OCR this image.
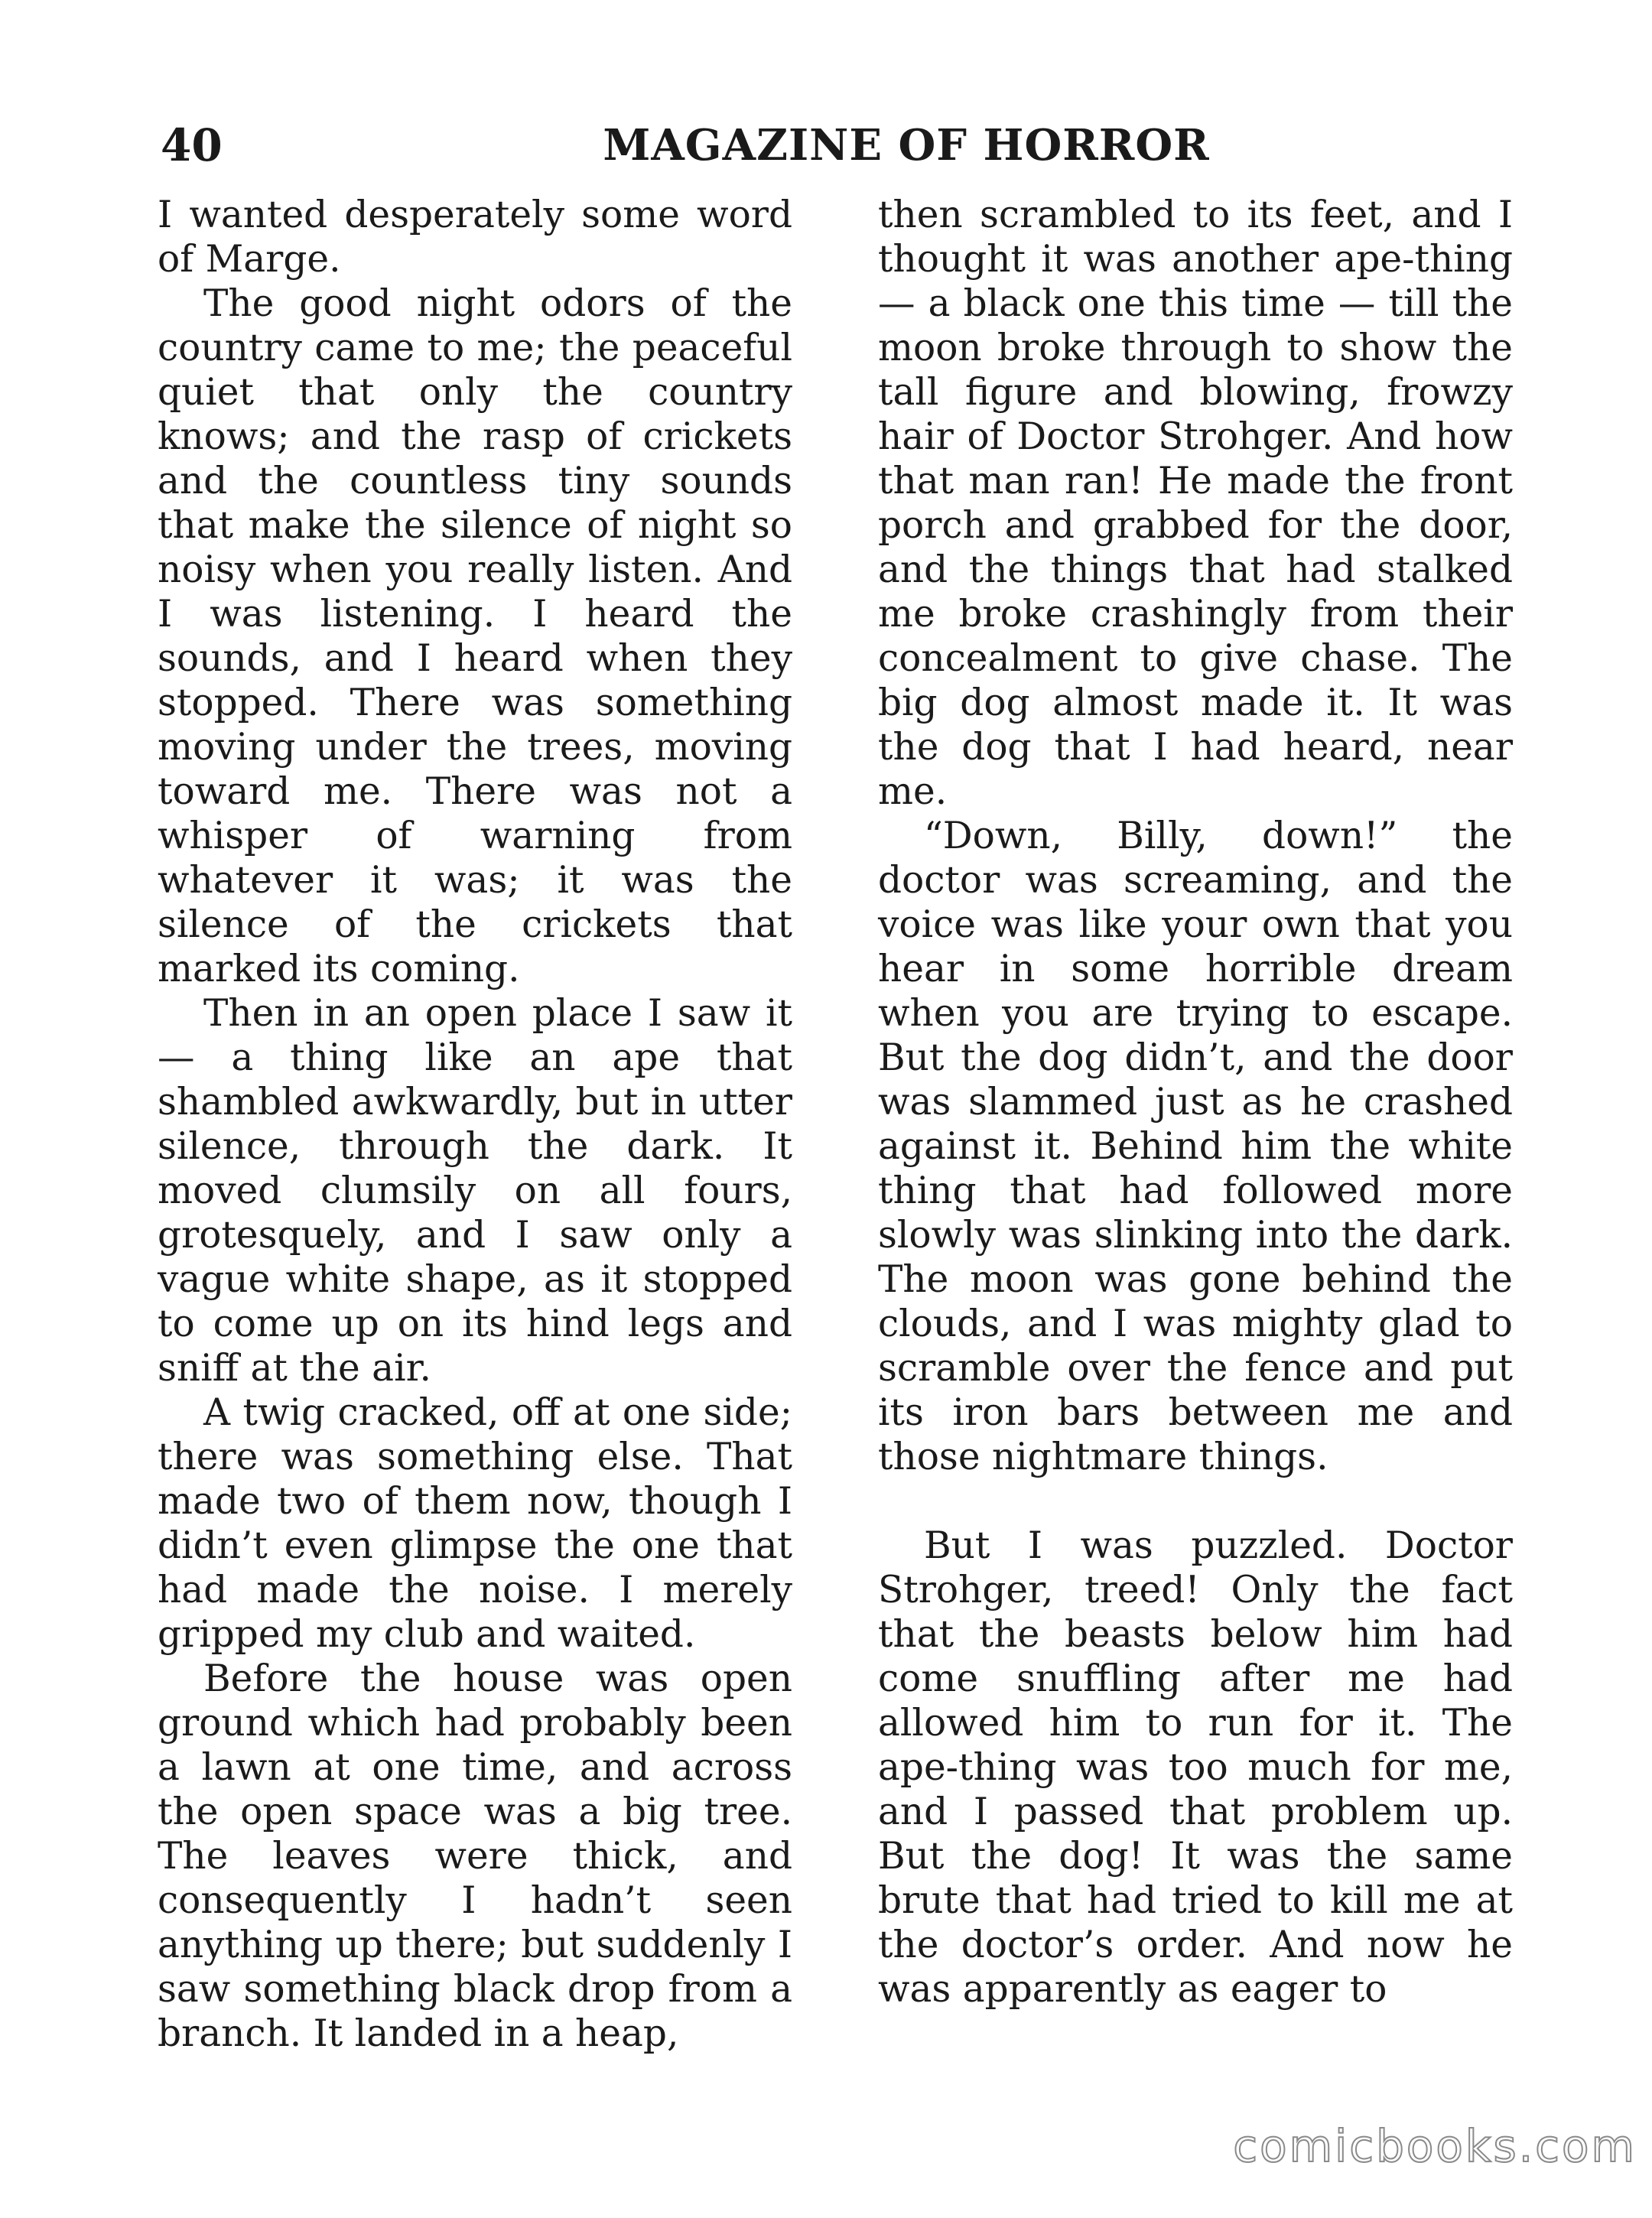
40	MAGAZINE OF HORROR

I wanted desperately some word of Marge.

The good night odors of the country came to me; the peaceful quiet that only the country knows; and the rasp of crickets and the countless tiny sounds that make the silence of night so noisy when you really listen. And I was listening. I heard the sounds, and I heard when they stopped. There was something moving under the trees, moving toward me. There was not a whisper of warning from whatever it was; it was the silence of the crickets that marked its coming.

Then in an open place I saw it — a thing like an ape that shambled awkwardly, but in utter silence, through the dark. It moved clumsily on all fours, grotesquely, and I saw only a vague white shape, as it stopped to come up on its hind legs and sniff at the air.

A twig cracked, off at one side; there was something else. That made two of them now, though I didn’t even glimpse the one that had made the noise. I merely gripped my club and waited.

Before the house was open ground which had probably been a lawn at one time, and across the open space was a big tree. The leaves were thick, and consequently I hadn’t seen anything up there; but suddenly I saw something black drop from a branch. It landed in a heap,

then scrambled to its feet, and I thought it was another ape-thing — a black one this time — till the moon broke through to show the tall figure and blowing, frowzy hair of Doctor Strohger. And how that man ran! He made the front porch and grabbed for the door, and the things that had stalked me broke crashingly from their concealment to give chase. The big dog almost made it. It was the dog that I had heard, near me.

“Down, Billy, down!” the doctor was screaming, and the voice was like your own that you hear in some horrible dream when you are trying to escape. But the dog didn’t, and the door was slammed just as he crashed against it. Behind him the white thing that had followed more slowly was slinking into the dark. The moon was gone behind the clouds, and I was mighty glad to scramble over the fence and put its iron bars between me and those nightmare things.

But I was puzzled. Doctor Strohger, treed! Only the fact that the beasts below him had come snuffling after me had allowed him to run for it. The ape-thing was too much for me, and I passed that problem up. But the dog! It was the same brute that had tried to kill me at the doctor’s order. And now he was apparently as eager to

comicbooks.com
